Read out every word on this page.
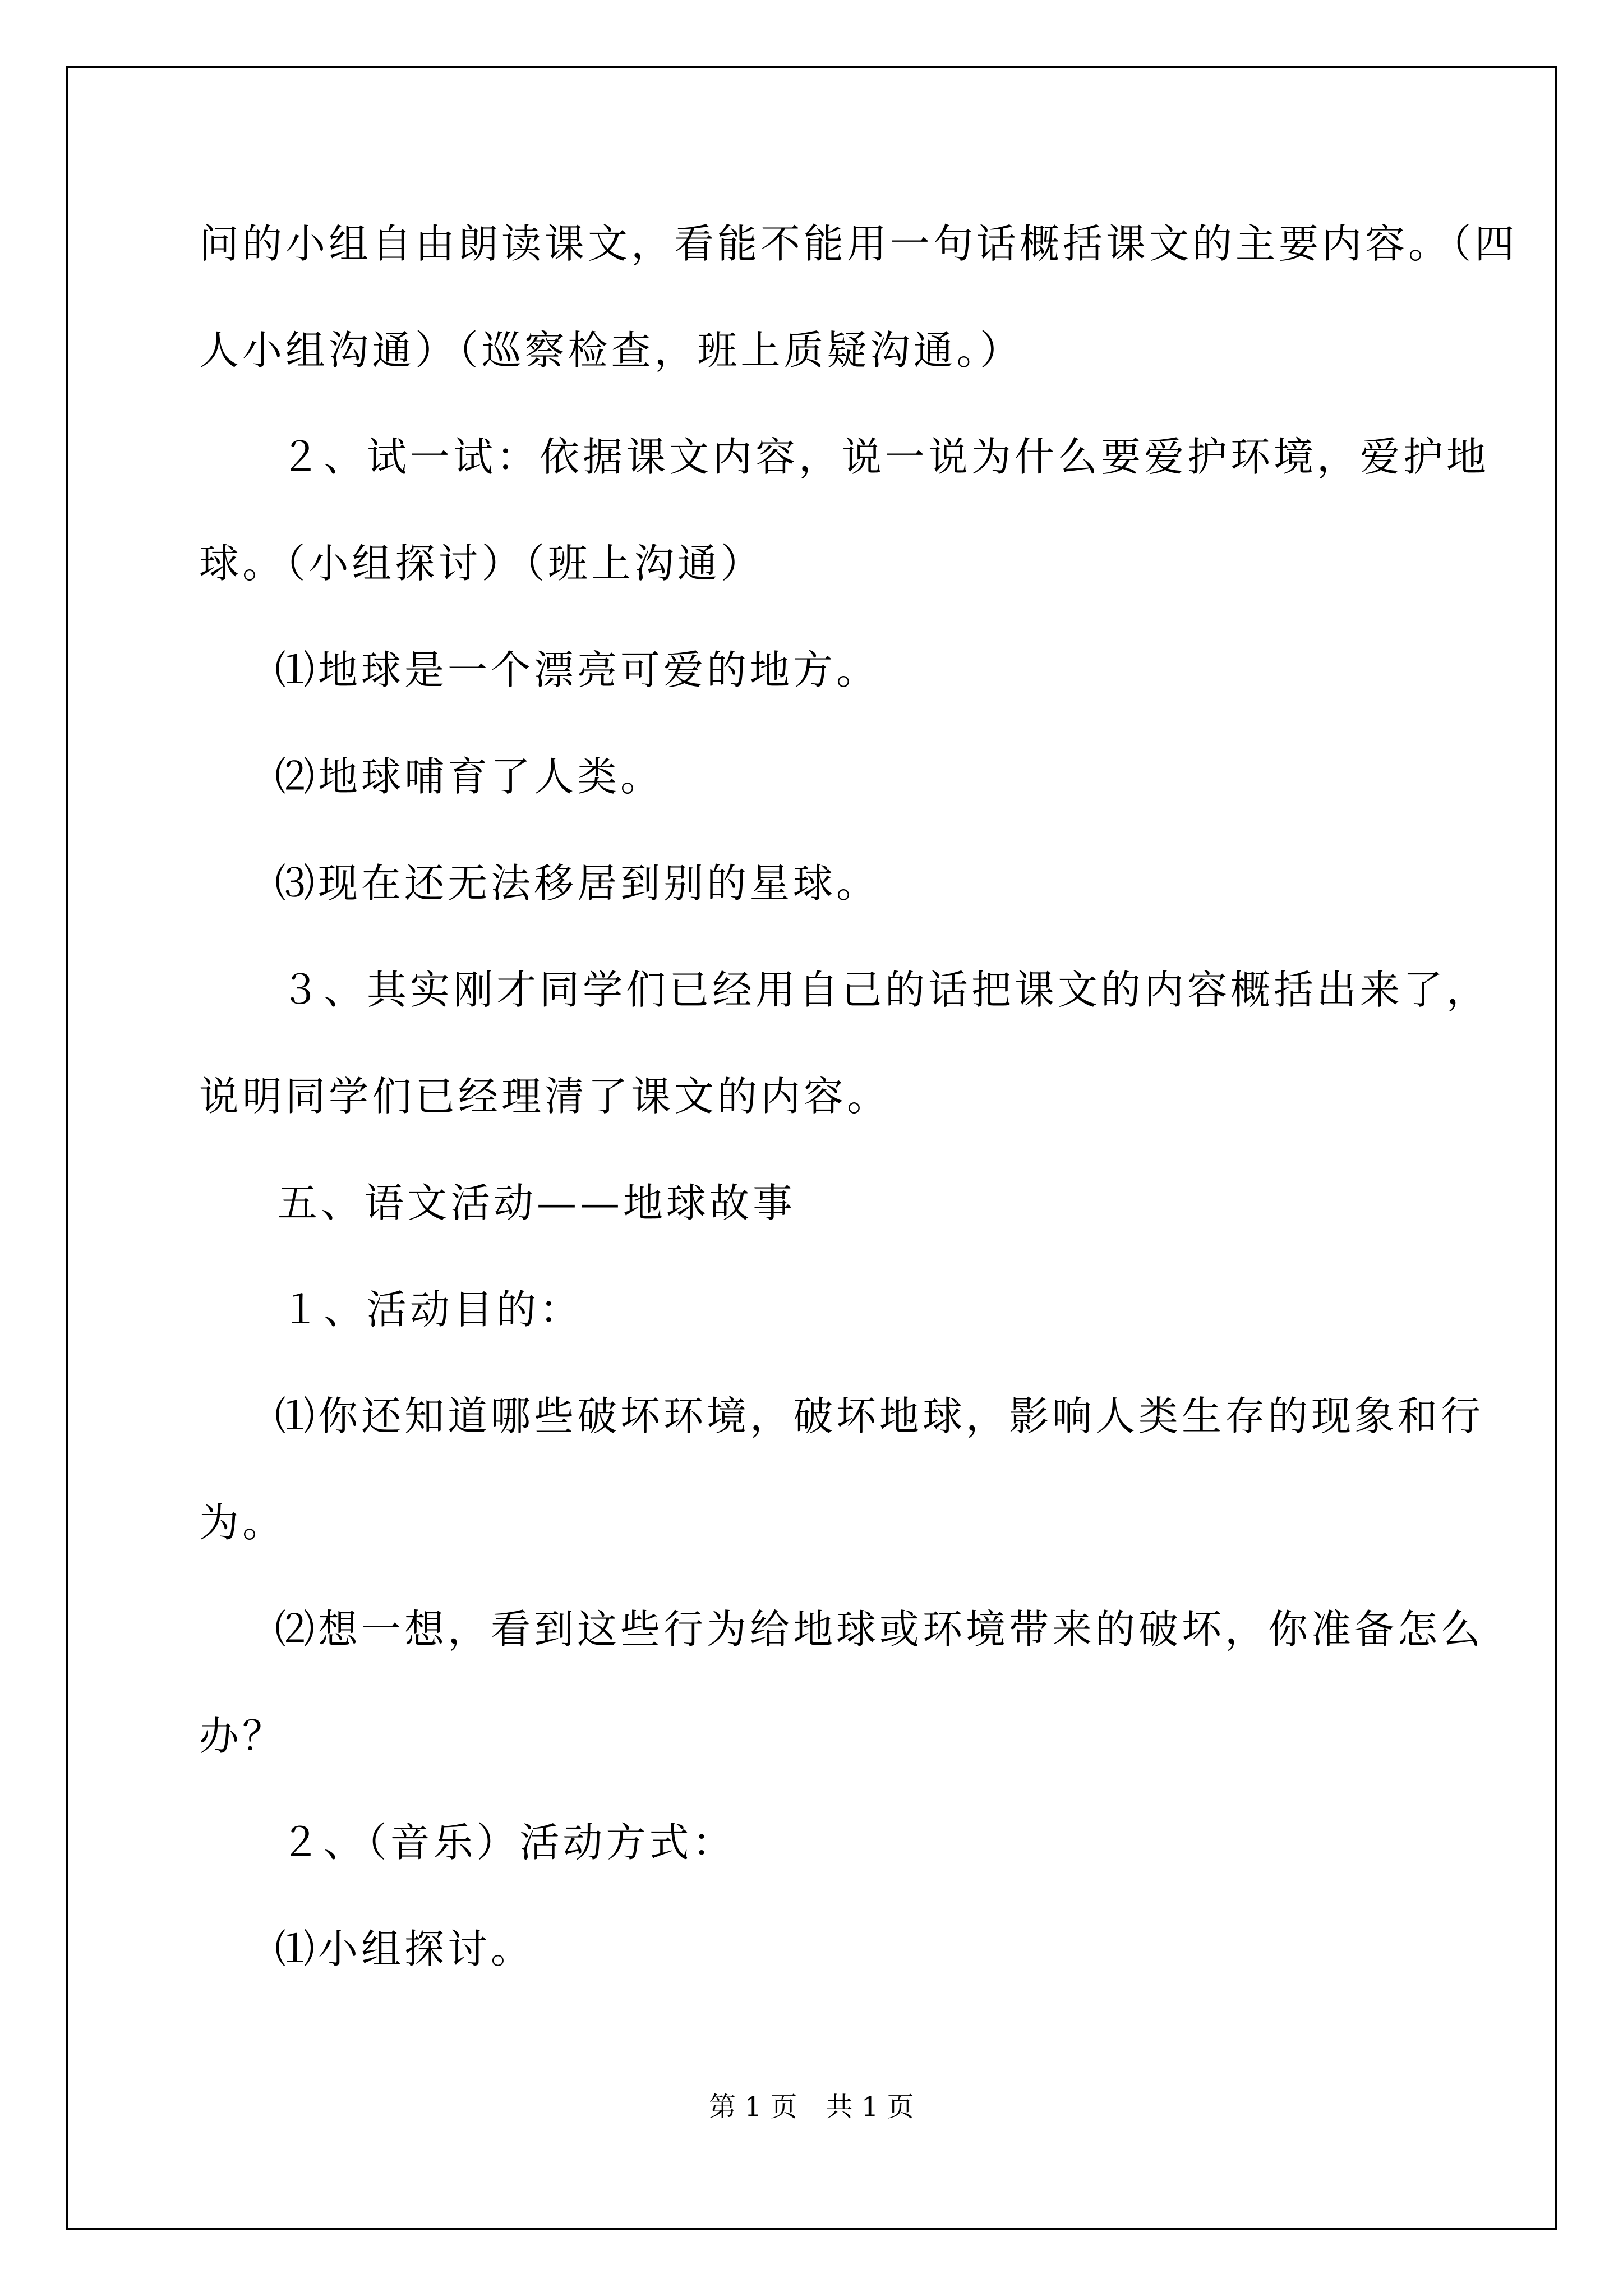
问的小组自由朗读课文，看能不能用一句话概括课文的主要内容。（四
人小组沟通）（巡察检查，班上质疑沟通。）
２、试一试：依据课文内容，说一说为什么要爱护环境，爱护地
球。（小组探讨）（班上沟通）
⑴地球是一个漂亮可爱的地方。
⑵地球哺育了人类。
⑶现在还无法移居到别的星球。
３、其实刚才同学们已经用自己的话把课文的内容概括出来了，
说明同学们已经理清了课文的内容。
五、语文活动——地球故事
１、活动目的：
⑴你还知道哪些破坏环境，破坏地球，影响人类生存的现象和行
为。
⑵想一想，看到这些行为给地球或环境带来的破坏，你准备怎么
办？
２、（音乐）活动方式：
⑴小组探讨。
第 1 页 共 1 页
